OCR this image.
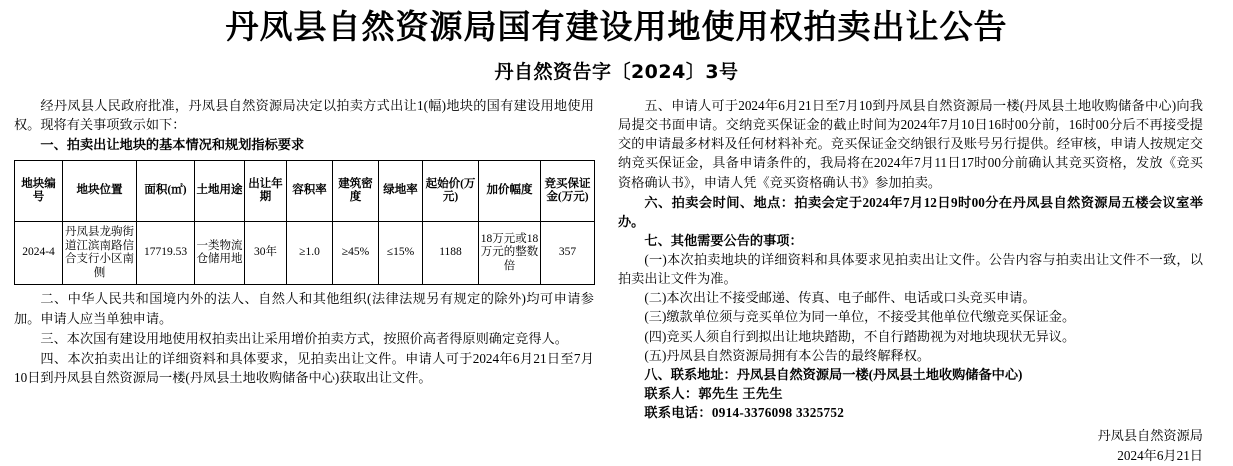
丹凤县自然资源局国有建设用地使用权拍卖出让公告
丹自然资告字〔2024〕3号

经丹凤县人民政府批准，丹凤县自然资源局决定以拍卖方式出让1(幅)地块的国有建设用地使用权。现将有关事项致示如下：

一、拍卖出让地块的基本情况和规划指标要求

地块编号	地块位置	面积(㎡)	土地用途	出让年期	容积率	建筑密度	绿地率	起始价(万元)	加价幅度	竞买保证金(万元)
2024-4	丹凤县龙驹街道江滨南路信合支行小区南侧	17719.53	一类物流仓储用地	30年	≥1.0	≥45%	≤15%	1188	18万元或18万元的整数倍	357

二、中华人民共和国境内外的法人、自然人和其他组织(法律法规另有规定的除外)均可申请参加。申请人应当单独申请。

三、本次国有建设用地使用权拍卖出让采用增价拍卖方式，按照价高者得原则确定竞得人。

四、本次拍卖出让的详细资料和具体要求，见拍卖出让文件。申请人可于2024年6月21日至7月10日到丹凤县自然资源局一楼(丹凤县土地收购储备中心)获取出让文件。

五、申请人可于2024年6月21日至7月10到丹凤县自然资源局一楼(丹凤县土地收购储备中心)向我局提交书面申请。交纳竞买保证金的截止时间为2024年7月10日16时00分前，16时00分后不再接受提交的申请最多材料及任何材料补充。竞买保证金交纳银行及账号另行提供。经审核，申请人按规定交纳竞买保证金，具备申请条件的，我局将在2024年7月11日17时00分前确认其竞买资格，发放《竞买资格确认书》，申请人凭《竞买资格确认书》参加拍卖。

六、拍卖会时间、地点：拍卖会定于2024年7月12日9时00分在丹凤县自然资源局五楼会议室举办。

七、其他需要公告的事项：

(一)本次拍卖地块的详细资料和具体要求见拍卖出让文件。公告内容与拍卖出让文件不一致，以拍卖出让文件为准。

(二)本次出让不接受邮递、传真、电子邮件、电话或口头竞买申请。

(三)缴款单位须与竞买单位为同一单位，不接受其他单位代缴竞买保证金。

(四)竞买人须自行到拟出让地块踏勘，不自行踏勘视为对地块现状无异议。

(五)丹凤县自然资源局拥有本公告的最终解释权。

八、联系地址：丹凤县自然资源局一楼(丹凤县土地收购储备中心)

联系人：郭先生 王先生

联系电话：0914-3376098 3325752

丹凤县自然资源局
2024年6月21日
